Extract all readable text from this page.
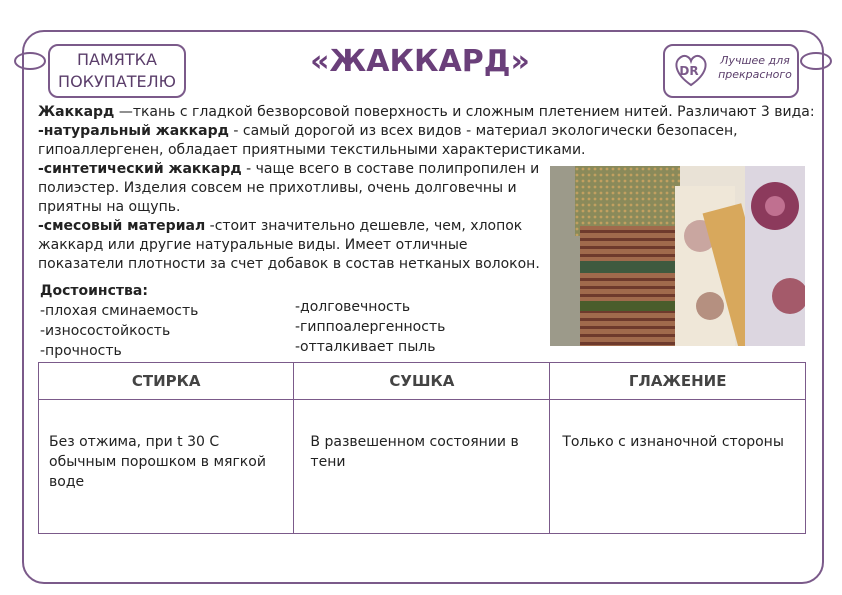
ПАМЯТКА
ПОКУПАТЕЛЮ
«ЖАККАРД»	DR
Лучшее для прекрасного

Жаккард —ткань с гладкой безворсовой поверхность и сложным плетением нитей. Различают 3 вида:

-натуральный жаккард - самый дорогой из всех видов - материал экологически безопасен, гипоаллергенен, обладает приятными текстильными характеристиками.

-синтетический жаккард - чаще всего в составе полипропилен и полиэстер. Изделия совсем не прихотливы, очень долговечны и приятны на ощупь.

-смесовый материал -стоит значительно дешевле, чем, хлопок жаккард или другие натуральные виды. Имеет отличные показатели плотности за счет добавок в состав нетканых волокон.

Достоинства:
-плохая сминаемость
-износостойкость
-прочность
-долговечность
-гиппоалергенность
-отталкивает пыль
СТИРКА	СУШКА	ГЛАЖЕНИЕ
Без отжима, при t 30 С обычным порошком в мягкой воде	В развешенном состоянии в тени	Только с изнаночной стороны
